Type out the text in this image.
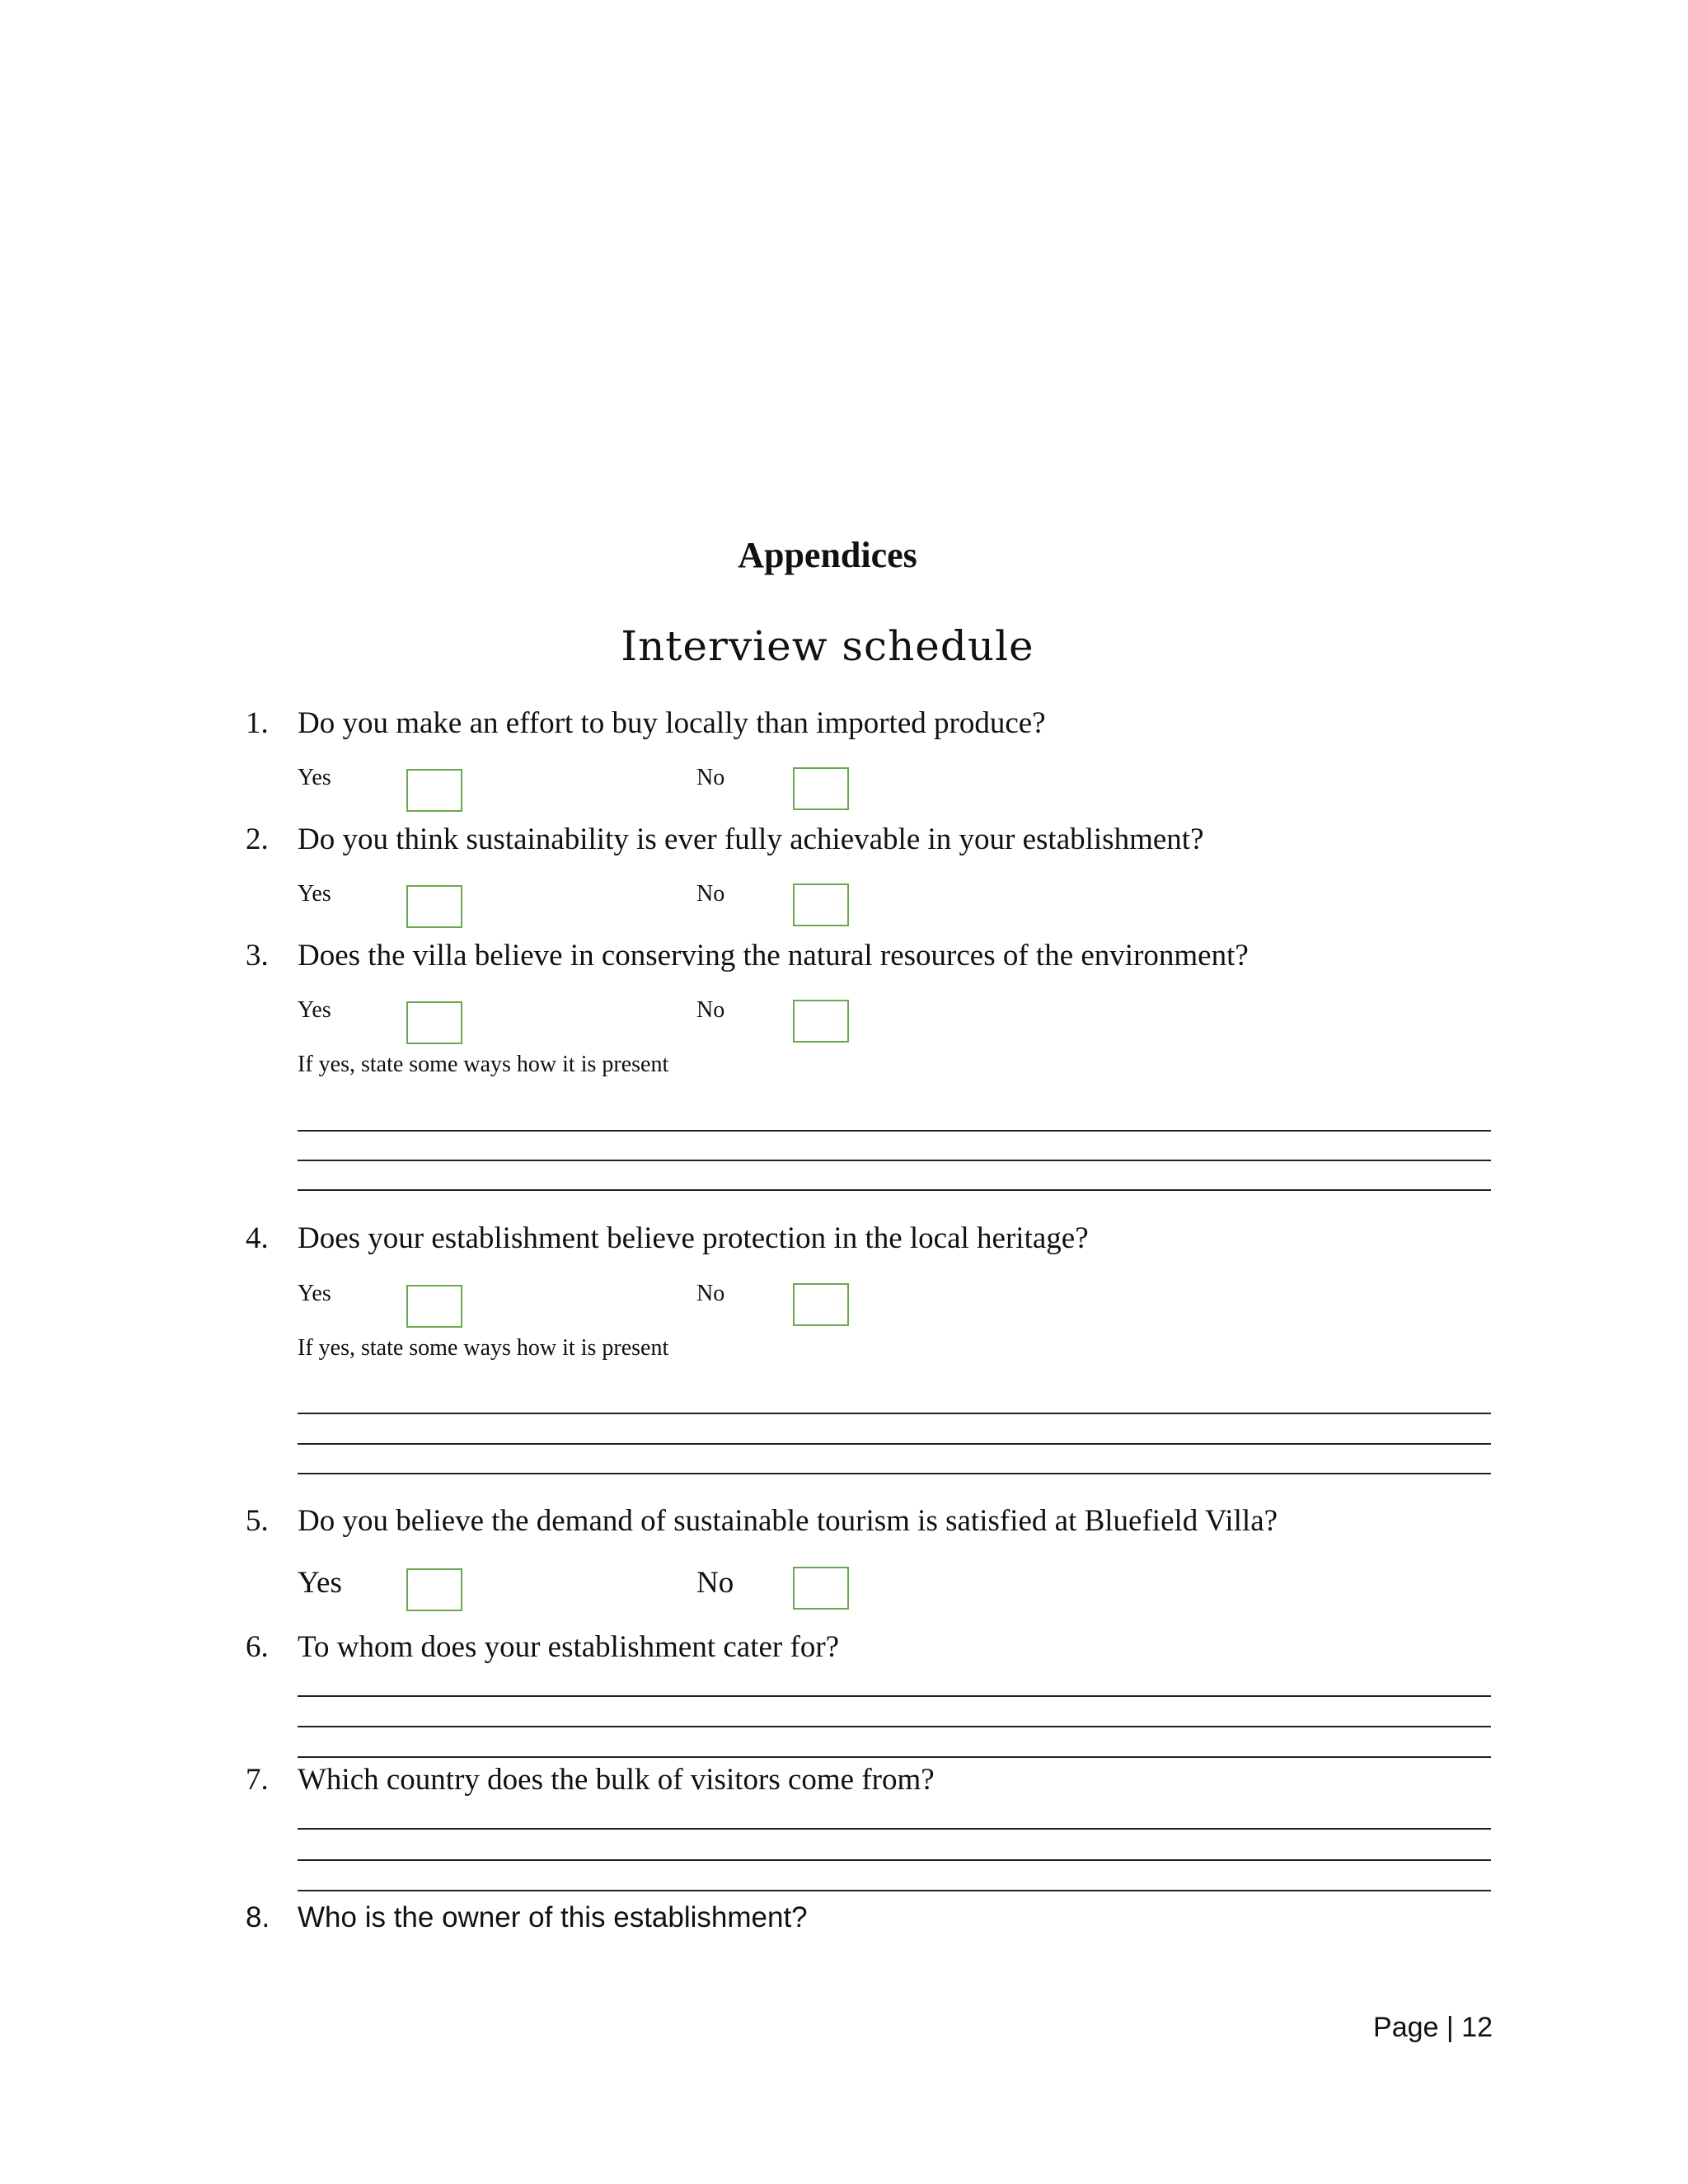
Appendices
Interview schedule
1. Do you make an effort to buy locally than imported produce?
Yes	No
2. Do you think sustainability is ever fully achievable in your establishment?
Yes	No
3. Does the villa believe in conserving the natural resources of the environment?
Yes	No
If yes, state some ways how it is present
4. Does your establishment believe protection in the local heritage?
Yes	No
If yes, state some ways how it is present
5. Do you believe the demand of sustainable tourism is satisfied at Bluefield Villa?
Yes	No
6. To whom does your establishment cater for?
7. Which country does the bulk of visitors come from?
8. Who is the owner of this establishment?
Page | 12
